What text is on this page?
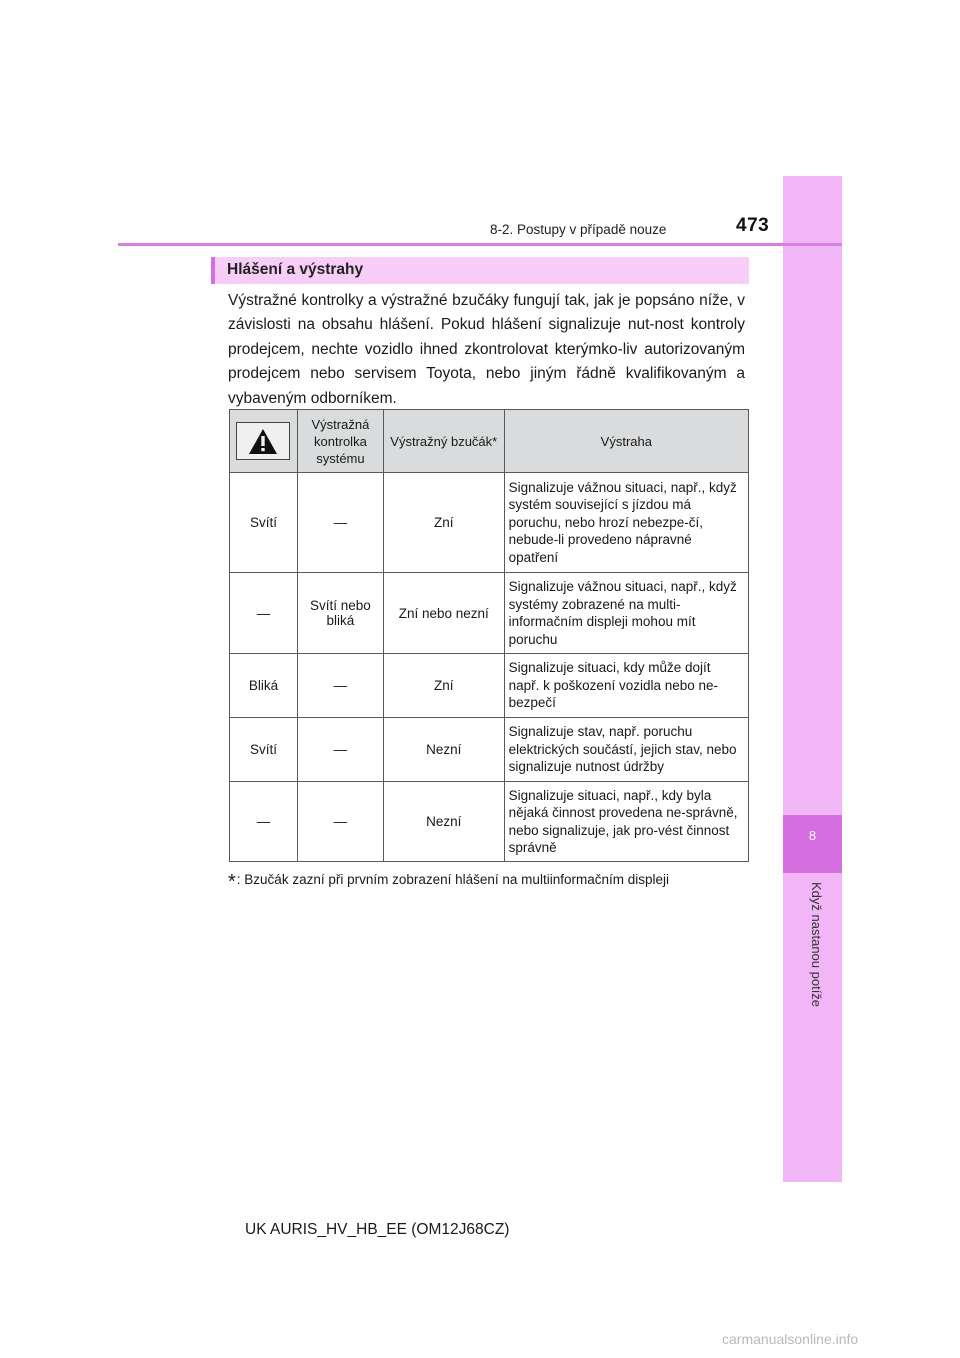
8
Když nastanou potíže
8-2. Postupy v případě nouze	473
Hlášení a výstrahy
Výstražné kontrolky a výstražné bzučáky fungují tak, jak je popsáno níže, v závislosti na obsahu hlášení. Pokud hlášení signalizuje nut-nost kontroly prodejcem, nechte vozidlo ihned zkontrolovat kterýmko-liv autorizovaným prodejcem nebo servisem Toyota, nebo jiným řádně kvalifikovaným a vybaveným odborníkem.
	Výstražná kontrolka systému	Výstražný bzučák*	Výstraha
Svítí	—	Zní	Signalizuje vážnou situaci, např., když systém související s jízdou má poruchu, nebo hrozí nebezpe-čí, nebude-li provedeno nápravné opatření
—	Svítí nebo bliká	Zní nebo nezní	Signalizuje vážnou situaci, např., když systémy zobrazené na multi-informačním displeji mohou mít poruchu
Bliká	—	Zní	Signalizuje situaci, kdy může dojít např. k poškození vozidla nebo ne-bezpečí
Svítí	—	Nezní	Signalizuje stav, např. poruchu elektrických součástí, jejich stav, nebo signalizuje nutnost údržby
—	—	Nezní	Signalizuje situaci, např., kdy byla nějaká činnost provedena ne-správně, nebo signalizuje, jak pro-vést činnost správně
*: Bzučák zazní při prvním zobrazení hlášení na multiinformačním displeji
UK AURIS_HV_HB_EE (OM12J68CZ)
carmanualsonline.info
